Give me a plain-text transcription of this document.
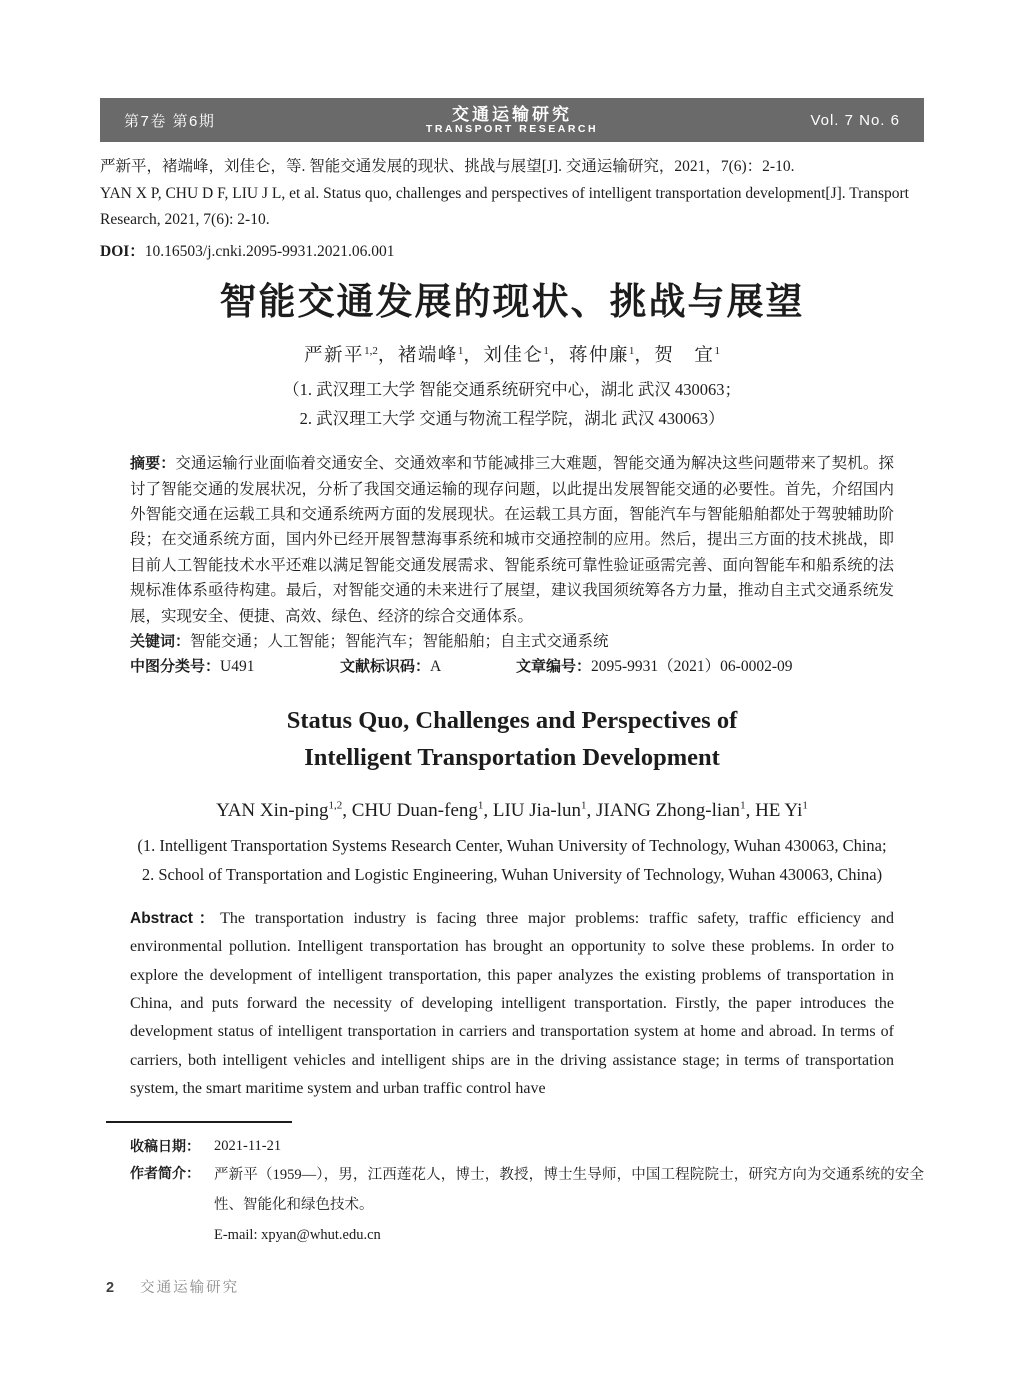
第7卷 第6期	交通运输研究
TRANSPORT RESEARCH
Vol. 7 No. 6

严新平，褚端峰，刘佳仑，等. 智能交通发展的现状、挑战与展望[J]. 交通运输研究，2021，7(6)：2-10.

YAN X P, CHU D F, LIU J L, et al. Status quo, challenges and perspectives of intelligent transportation development[J]. Transport Research, 2021, 7(6): 2-10.

DOI：10.16503/j.cnki.2095-9931.2021.06.001

智能交通发展的现状、挑战与展望
严新平$^{1,2}$，褚端峰$^1$，刘佳仑$^1$，蒋仲廉$^1$，贺　宜$^1$
（1. 武汉理工大学 智能交通系统研究中心，湖北 武汉 430063；
2. 武汉理工大学 交通与物流工程学院，湖北 武汉 430063）

摘要：交通运输行业面临着交通安全、交通效率和节能减排三大难题，智能交通为解决这些问题带来了契机。探讨了智能交通的发展状况，分析了我国交通运输的现存问题，以此提出发展智能交通的必要性。首先，介绍国内外智能交通在运载工具和交通系统两方面的发展现状。在运载工具方面，智能汽车与智能船舶都处于驾驶辅助阶段；在交通系统方面，国内外已经开展智慧海事系统和城市交通控制的应用。然后，提出三方面的技术挑战，即目前人工智能技术水平还难以满足智能交通发展需求、智能系统可靠性验证亟需完善、面向智能车和船系统的法规标准体系亟待构建。最后，对智能交通的未来进行了展望，建议我国须统筹各方力量，推动自主式交通系统发展，实现安全、便捷、高效、绿色、经济的综合交通体系。

关键词：智能交通；人工智能；智能汽车；智能船舶；自主式交通系统

中图分类号：U491	文献标识码：A	文章编号：2095-9931（2021）06-0002-09
Status Quo, Challenges and Perspectives of
Intelligent Transportation Development
YAN Xin-ping$^{1,2}$, CHU Duan-feng$^1$, LIU Jia-lun$^1$, JIANG Zhong-lian$^1$, HE Yi$^1$
(1. Intelligent Transportation Systems Research Center, Wuhan University of Technology, Wuhan 430063, China;
2. School of Transportation and Logistic Engineering, Wuhan University of Technology, Wuhan 430063, China)

Abstract：The transportation industry is facing three major problems: traffic safety, traffic efficiency and environmental pollution. Intelligent transportation has brought an opportunity to solve these problems. In order to explore the development of intelligent transportation, this paper analyzes the existing problems of transportation in China, and puts forward the necessity of developing intelligent transportation. Firstly, the paper introduces the development status of intelligent transportation in carriers and transportation system at home and abroad. In terms of carriers, both intelligent vehicles and intelligent ships are in the driving assistance stage; in terms of transportation system, the smart maritime system and urban traffic control have

收稿日期： 2021-11-21
作者简介： 严新平（1959—），男，江西莲花人，博士，教授，博士生导师，中国工程院院士，研究方向为交通系统的安全性、智能化和绿色技术。
E-mail: xpyan@whut.edu.cn
2 交通运输研究
